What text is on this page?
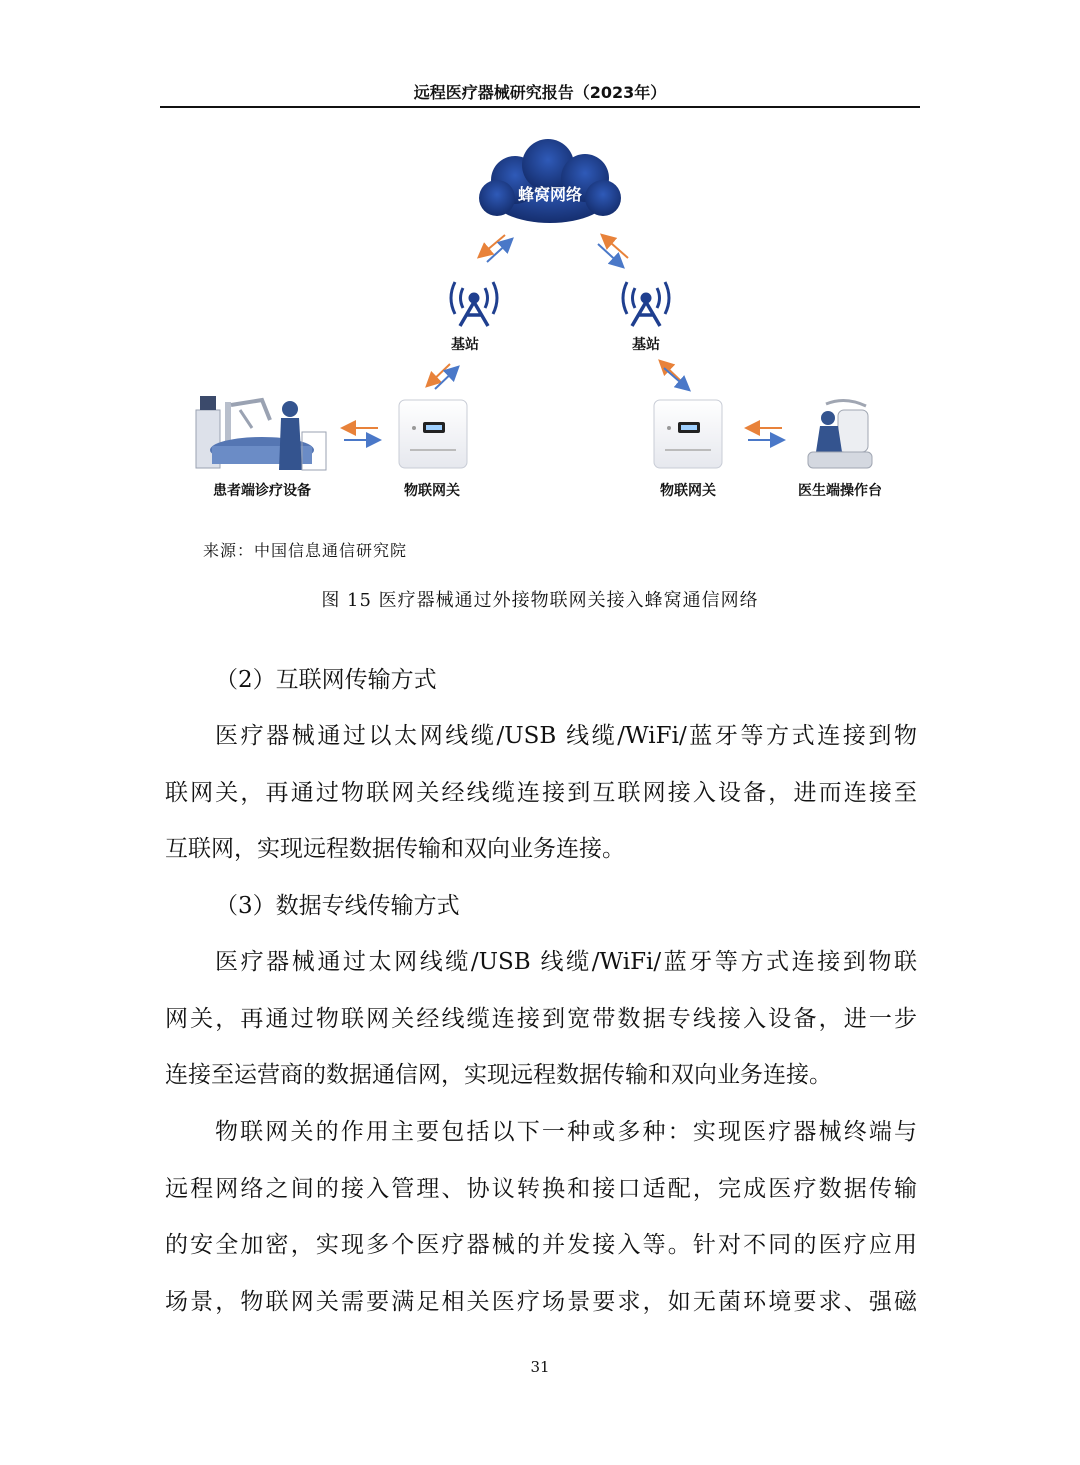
远程医疗器械研究报告（2023年）
蜂窝网络
基站	基站
患者端诊疗设备	物联网关	物联网关	医生端操作台
来源：中国信息通信研究院
图 15 医疗器械通过外接物联网关接入蜂窝通信网络
（2）互联网传输方式
医疗器械通过以太网线缆/USB 线缆/WiFi/蓝牙等方式连接到物
联网关，再通过物联网关经线缆连接到互联网接入设备，进而连接至
互联网，实现远程数据传输和双向业务连接。
（3）数据专线传输方式
医疗器械通过太网线缆/USB 线缆/WiFi/蓝牙等方式连接到物联
网关，再通过物联网关经线缆连接到宽带数据专线接入设备，进一步
连接至运营商的数据通信网，实现远程数据传输和双向业务连接。
物联网关的作用主要包括以下一种或多种：实现医疗器械终端与
远程网络之间的接入管理、协议转换和接口适配，完成医疗数据传输
的安全加密，实现多个医疗器械的并发接入等。针对不同的医疗应用
场景，物联网关需要满足相关医疗场景要求，如无菌环境要求、强磁
31
